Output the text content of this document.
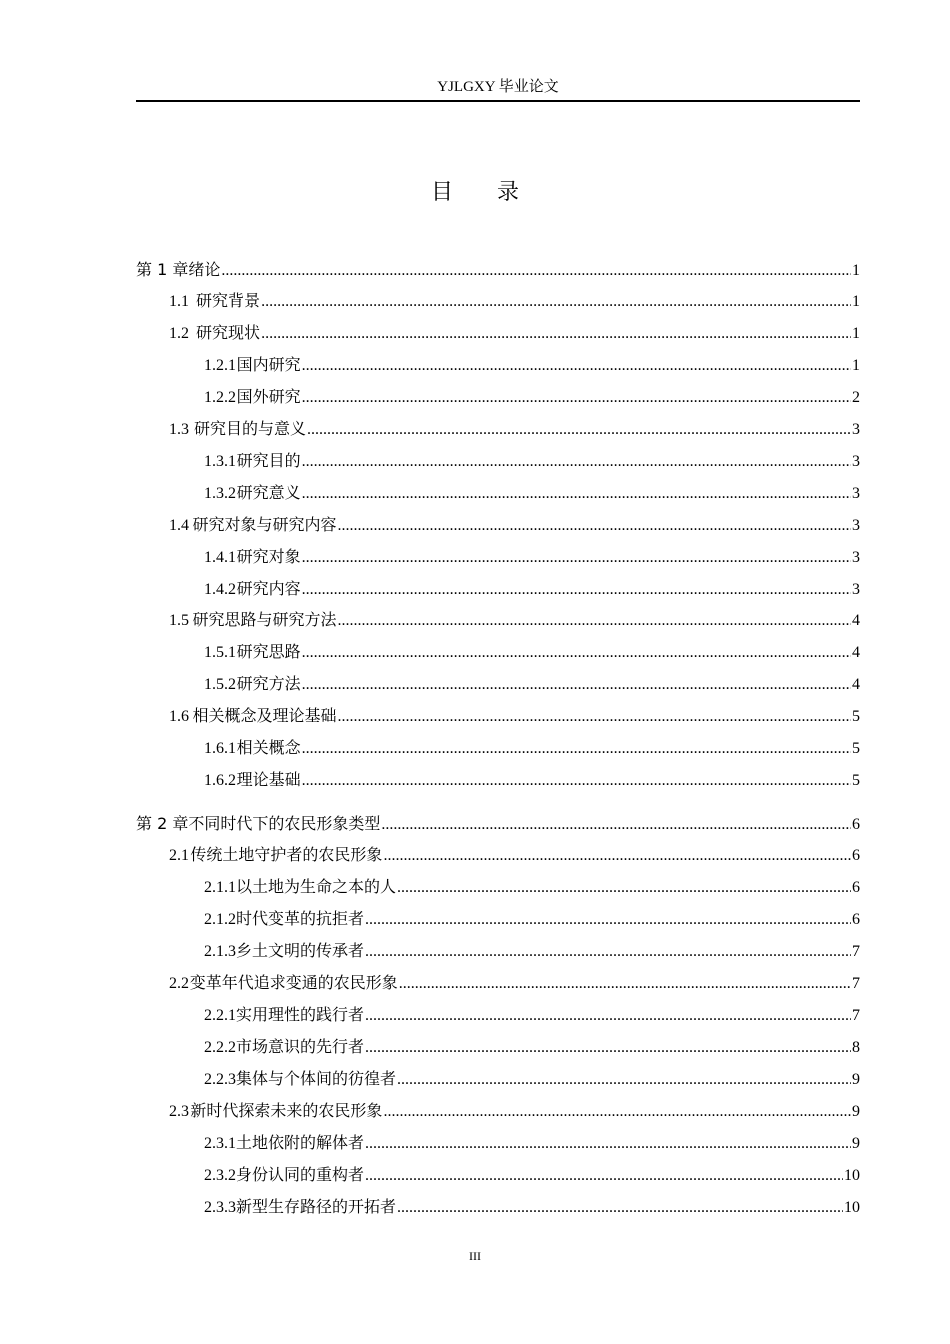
YJLGXY 毕业论文
目录
第 1 章 绪论 .....	1
1.1 研究背景 .....	1
1.2 研究现状 .....	1
1.2.1 国内研究 .....	1
1.2.2 国外研究 .....	2
1.3 研究目的与意义 .....	3
1.3.1 研究目的 .....	3
1.3.2 研究意义 .....	3
1.4 研究对象与研究内容 .....	3
1.4.1 研究对象 .....	3
1.4.2 研究内容 .....	3
1.5 研究思路与研究方法 .....	4
1.5.1 研究思路 .....	4
1.5.2 研究方法 .....	4
1.6 相关概念及理论基础 .....	5
1.6.1 相关概念 .....	5
1.6.2 理论基础 .....	5
第 2 章 不同时代下的农民形象类型 .....	6
2.1 传统土地守护者的农民形象 .....	6
2.1.1 以土地为生命之本的人 .....	6
2.1.2 时代变革的抗拒者 .....	6
2.1.3 乡土文明的传承者 .....	7
2.2 变革年代追求变通的农民形象 .....	7
2.2.1 实用理性的践行者 .....	7
2.2.2 市场意识的先行者 .....	8
2.2.3 集体与个体间的彷徨者 .....	9
2.3 新时代探索未来的农民形象 .....	9
2.3.1 土地依附的解体者 .....	9
2.3.2 身份认同的重构者 .....	10
2.3.3 新型生存路径的开拓者 .....	10
III
